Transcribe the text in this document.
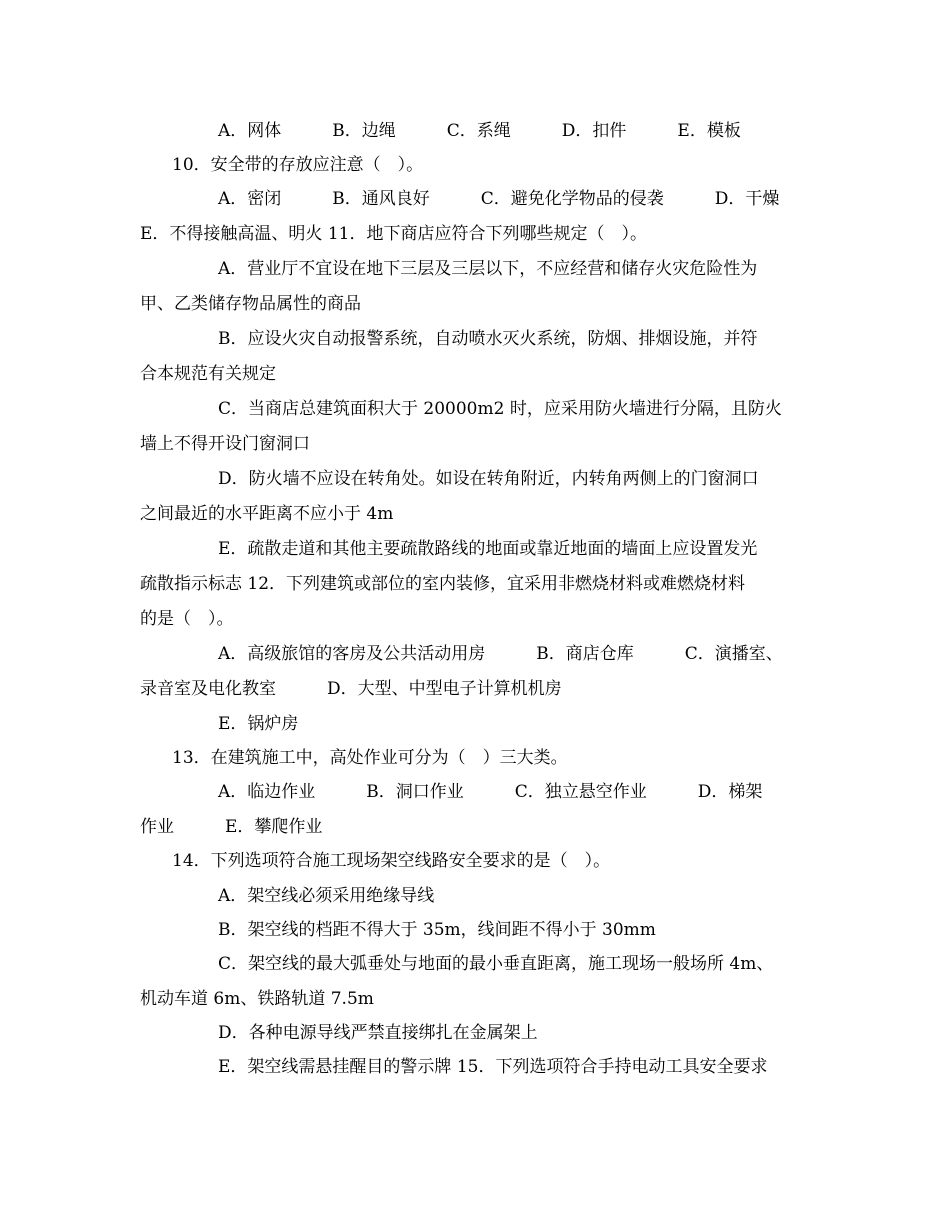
A．网体　　　B．边绳　　　C．系绳　　　D．扣件　　　E．模板
10．安全带的存放应注意（　）。
A．密闭　　　B．通风良好　　　C．避免化学物品的侵袭　　　D．干燥
E．不得接触高温、明火 11．地下商店应符合下列哪些规定（　）。
A．营业厅不宜设在地下三层及三层以下，不应经营和储存火灾危险性为
甲、乙类储存物品属性的商品
B．应设火灾自动报警系统，自动喷水灭火系统，防烟、排烟设施，并符
合本规范有关规定
C．当商店总建筑面积大于 20000m2 时，应采用防火墙进行分隔，且防火
墙上不得开设门窗洞口
D．防火墙不应设在转角处。如设在转角附近，内转角两侧上的门窗洞口
之间最近的水平距离不应小于 4m
E．疏散走道和其他主要疏散路线的地面或靠近地面的墙面上应设置发光
疏散指示标志 12．下列建筑或部位的室内装修，宜采用非燃烧材料或难燃烧材料
的是（　）。
A．高级旅馆的客房及公共活动用房　　　B．商店仓库　　　C．演播室、
录音室及电化教室　　　D．大型、中型电子计算机机房
E．锅炉房
13．在建筑施工中，高处作业可分为（　）三大类。
A．临边作业　　　B．洞口作业　　　C．独立悬空作业　　　D．梯架
作业　　　E．攀爬作业
14．下列选项符合施工现场架空线路安全要求的是（　）。
A．架空线必须采用绝缘导线
B．架空线的档距不得大于 35m，线间距不得小于 30mm
C．架空线的最大弧垂处与地面的最小垂直距离，施工现场一般场所 4m、
机动车道 6m、铁路轨道 7.5m
D．各种电源导线严禁直接绑扎在金属架上
E．架空线需悬挂醒目的警示牌 15．下列选项符合手持电动工具安全要求
